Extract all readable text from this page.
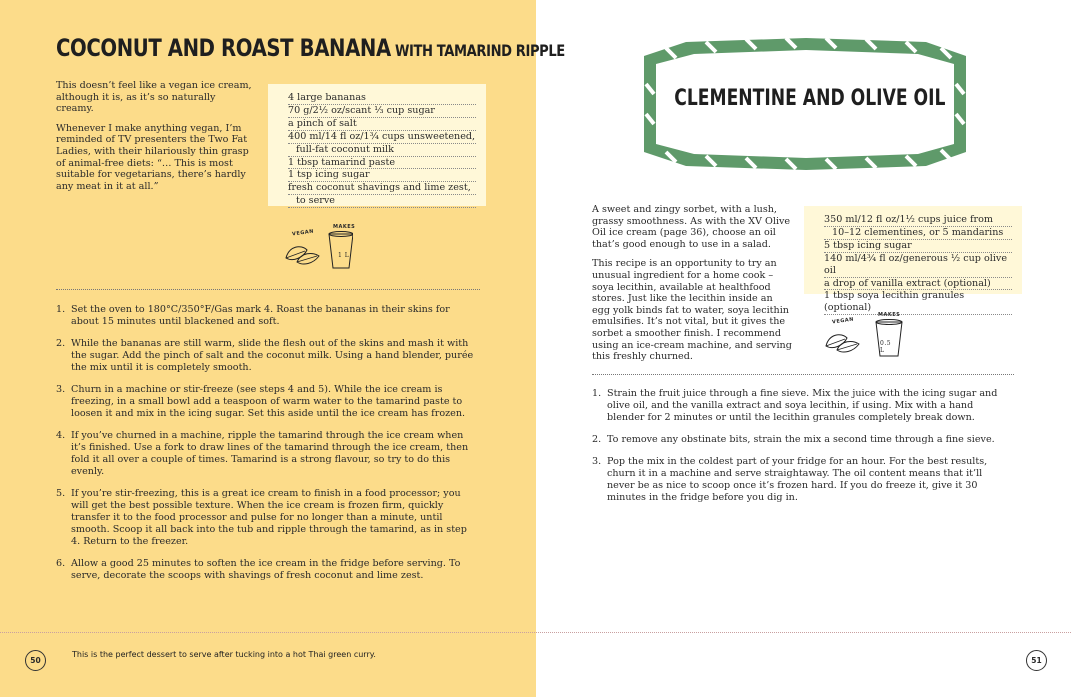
COCONUT AND ROAST BANANA WITH TAMARIND RIPPLE

This doesn’t feel like a vegan ice cream, although it is, as it’s so naturally creamy.

Whenever I make anything vegan, I’m reminded of TV presenters the Two Fat Ladies, with their hilariously thin grasp of animal-free diets: “… This is most suitable for vegetarians, there’s hardly any meat in it at all.”

4 large bananas
70 g/2½ oz/scant ⅓ cup sugar
a pinch of salt
400 ml/14 fl oz/1¾ cups unsweetened,
full-fat coconut milk
1 tbsp tamarind paste
1 tsp icing sugar
fresh coconut shavings and lime zest,
to serve
VEGAN
MAKES
1 L
1. Set the oven to 180°C/350°F/Gas mark 4. Roast the bananas in their skins for about 15 minutes until blackened and soft.
2. While the bananas are still warm, slide the flesh out of the skins and mash it with the sugar. Add the pinch of salt and the coconut milk. Using a hand blender, purée the mix until it is completely smooth.
3. Churn in a machine or stir-freeze (see steps 4 and 5). While the ice cream is freezing, in a small bowl add a teaspoon of warm water to the tamarind paste to loosen it and mix in the icing sugar. Set this aside until the ice cream has frozen.
4. If you’ve churned in a machine, ripple the tamarind through the ice cream when it’s finished. Use a fork to draw lines of the tamarind through the ice cream, then fold it all over a couple of times. Tamarind is a strong flavour, so try to do this evenly.
5. If you’re stir-freezing, this is a great ice cream to finish in a food processor; you will get the best possible texture. When the ice cream is frozen firm, quickly transfer it to the food processor and pulse for no longer than a minute, until smooth. Scoop it all back into the tub and ripple through the tamarind, as in step 4. Return to the freezer.
6. Allow a good 25 minutes to soften the ice cream in the fridge before serving. To serve, decorate the scoops with shavings of fresh coconut and lime zest.
50
This is the perfect dessert to serve after tucking into a hot Thai green curry.
CLEMENTINE AND OLIVE OIL

A sweet and zingy sorbet, with a lush, grassy smoothness. As with the XV Olive Oil ice cream (page 36), choose an oil that’s good enough to use in a salad.

This recipe is an opportunity to try an unusual ingredient for a home cook – soya lecithin, available at healthfood stores. Just like the lecithin inside an egg yolk binds fat to water, soya lecithin emulsifies. It’s not vital, but it gives the sorbet a smoother finish. I recommend using an ice-cream machine, and serving this freshly churned.

350 ml/12 fl oz/1½ cups juice from
10–12 clementines, or 5 mandarins
5 tbsp icing sugar
140 ml/4¾ fl oz/generous ½ cup olive oil
a drop of vanilla extract (optional)
1 tbsp soya lecithin granules (optional)
VEGAN
MAKES
0.5 L
1. Strain the fruit juice through a fine sieve. Mix the juice with the icing sugar and olive oil, and the vanilla extract and soya lecithin, if using. Mix with a hand blender for 2 minutes or until the lecithin granules completely break down.
2. To remove any obstinate bits, strain the mix a second time through a fine sieve.
3. Pop the mix in the coldest part of your fridge for an hour. For the best results, churn it in a machine and serve straightaway. The oil content means that it’ll never be as nice to scoop once it’s frozen hard. If you do freeze it, give it 30 minutes in the fridge before you dig in.
51
